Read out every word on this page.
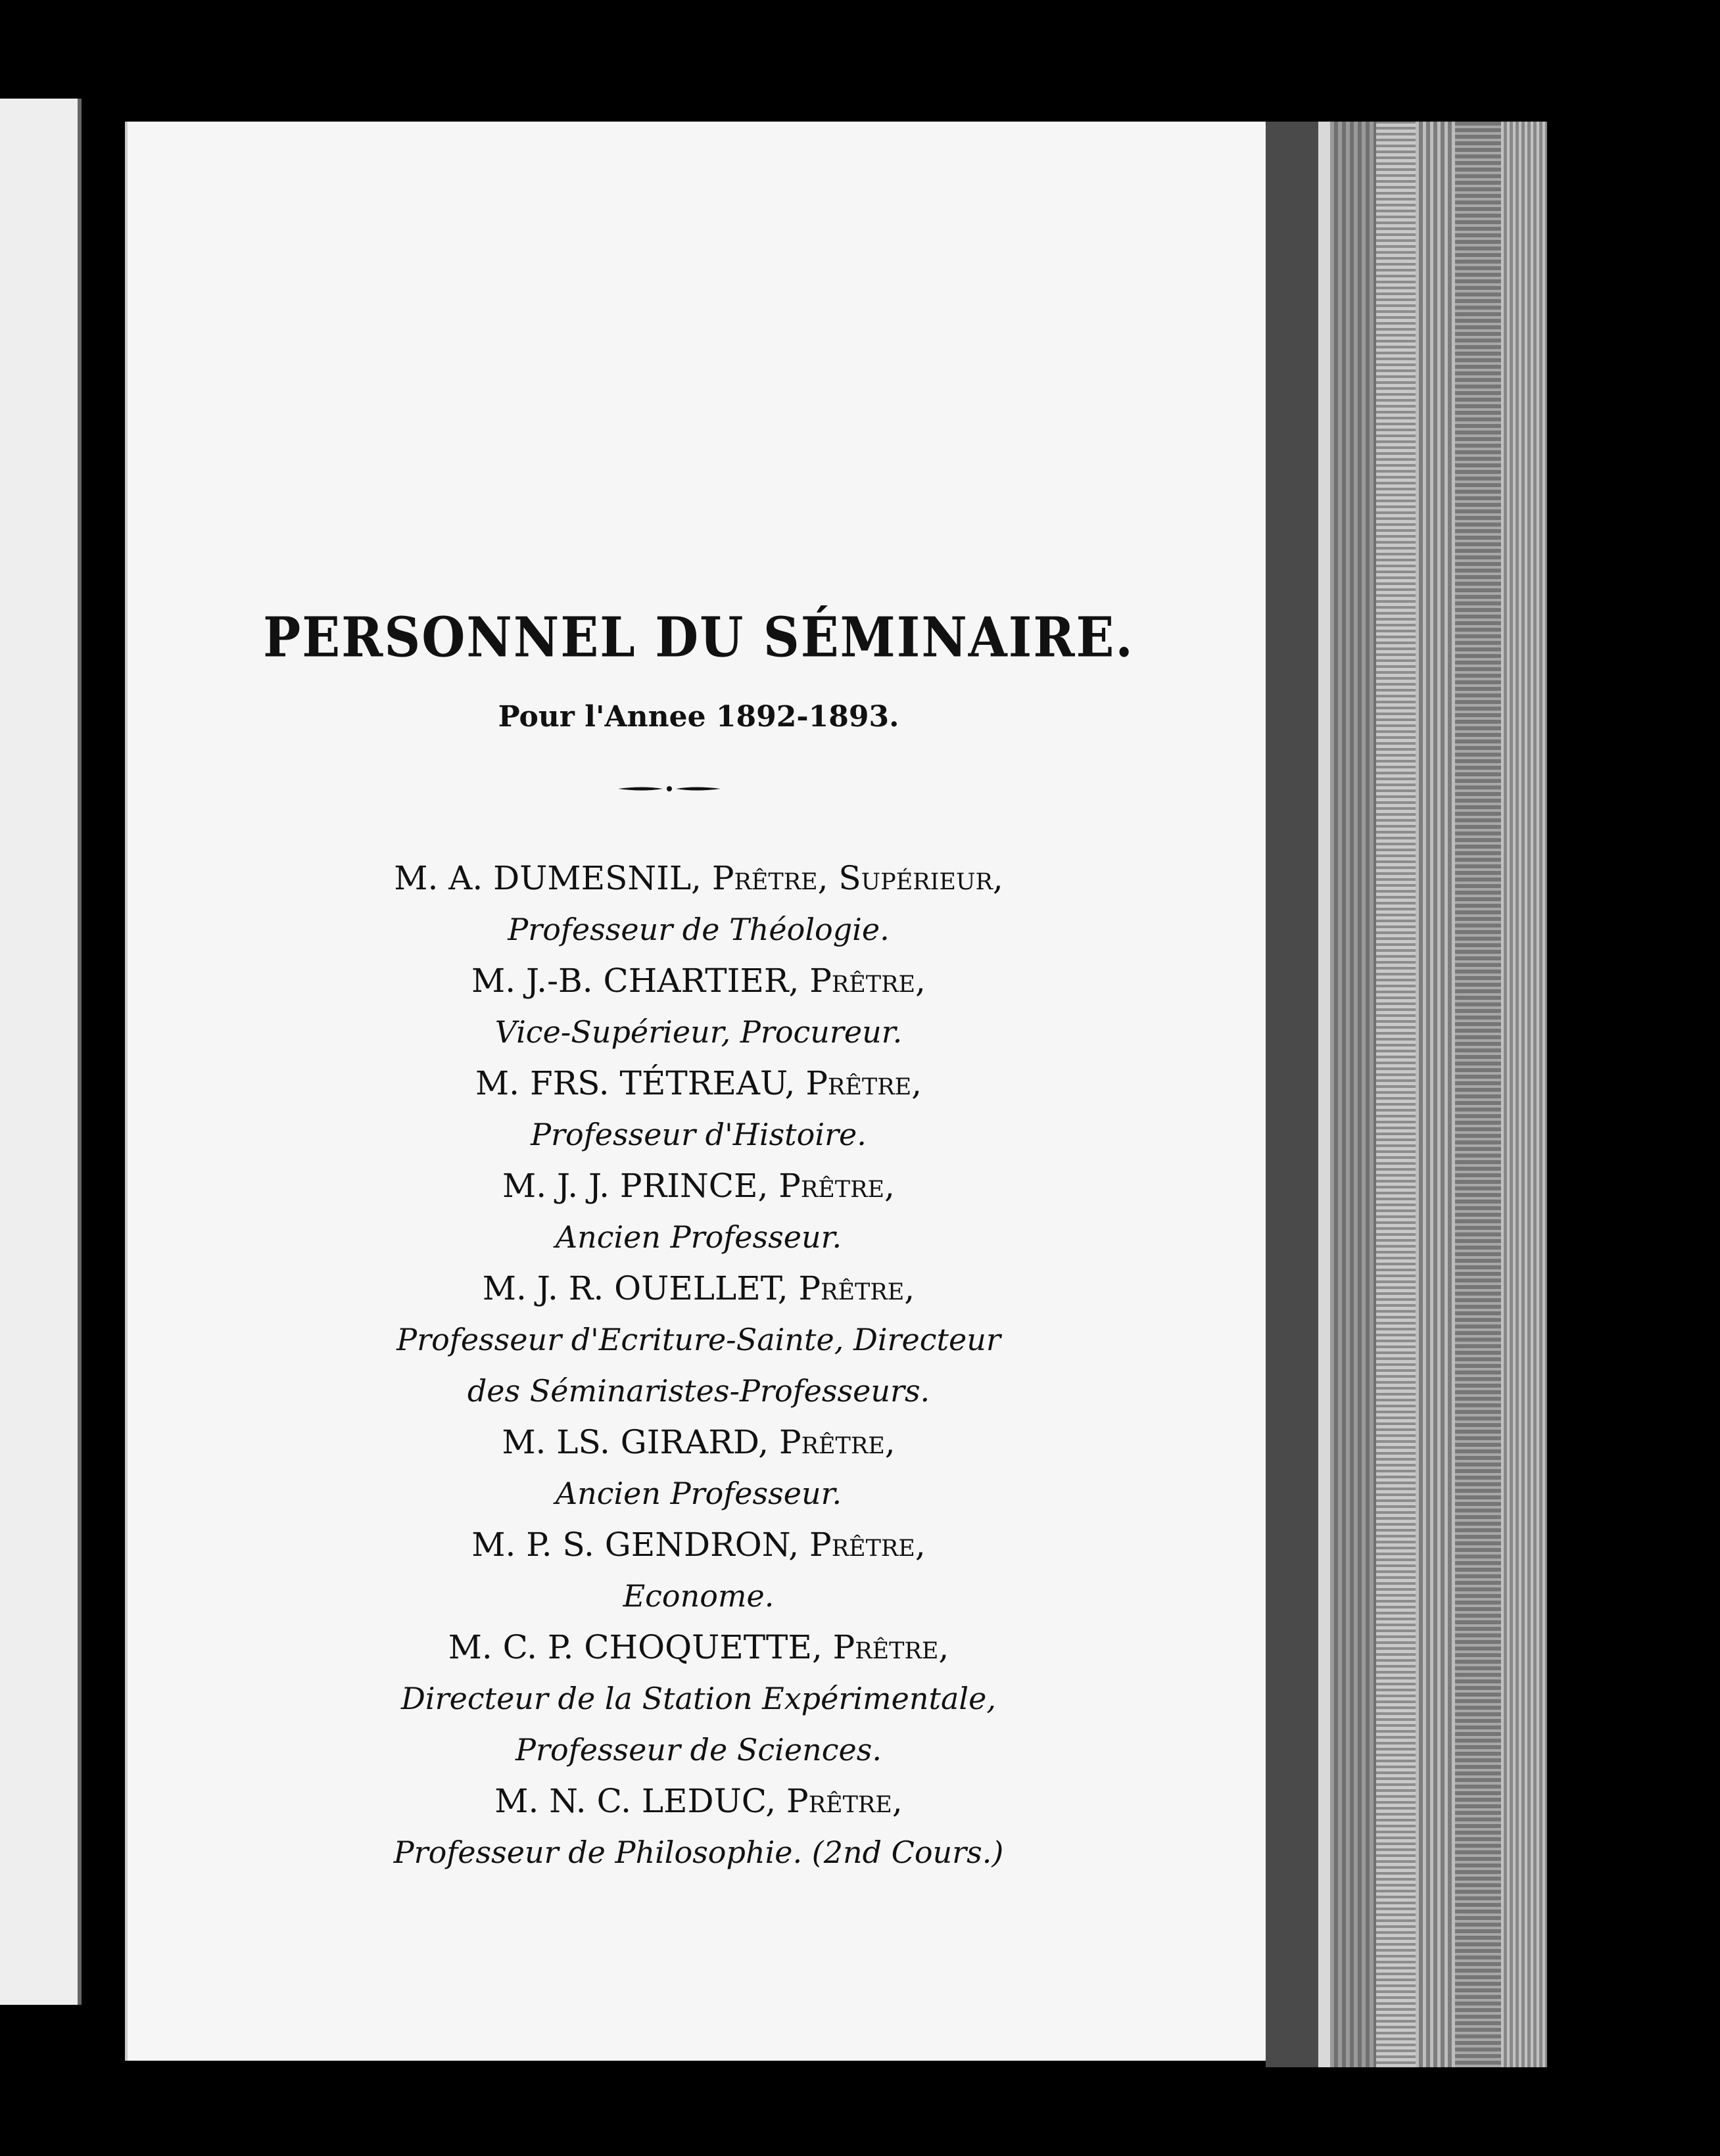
PERSONNEL DU SÉMINAIRE.
Pour l'Annee 1892-1893.
M. A. DUMESNIL, Prêtre, Supérieur,
Professeur de Théologie.
M. J.-B. CHARTIER, Prêtre,
Vice-Supérieur, Procureur.
M. FRS. TÉTREAU, Prêtre,
Professeur d'Histoire.
M. J. J. PRINCE, Prêtre,
Ancien Professeur.
M. J. R. OUELLET, Prêtre,
Professeur d'Ecriture-Sainte, Directeur
des Séminaristes-Professeurs.
M. LS. GIRARD, Prêtre,
Ancien Professeur.
M. P. S. GENDRON, Prêtre,
Econome.
M. C. P. CHOQUETTE, Prêtre,
Directeur de la Station Expérimentale,
Professeur de Sciences.
M. N. C. LEDUC, Prêtre,
Professeur de Philosophie. (2nd Cours.)
